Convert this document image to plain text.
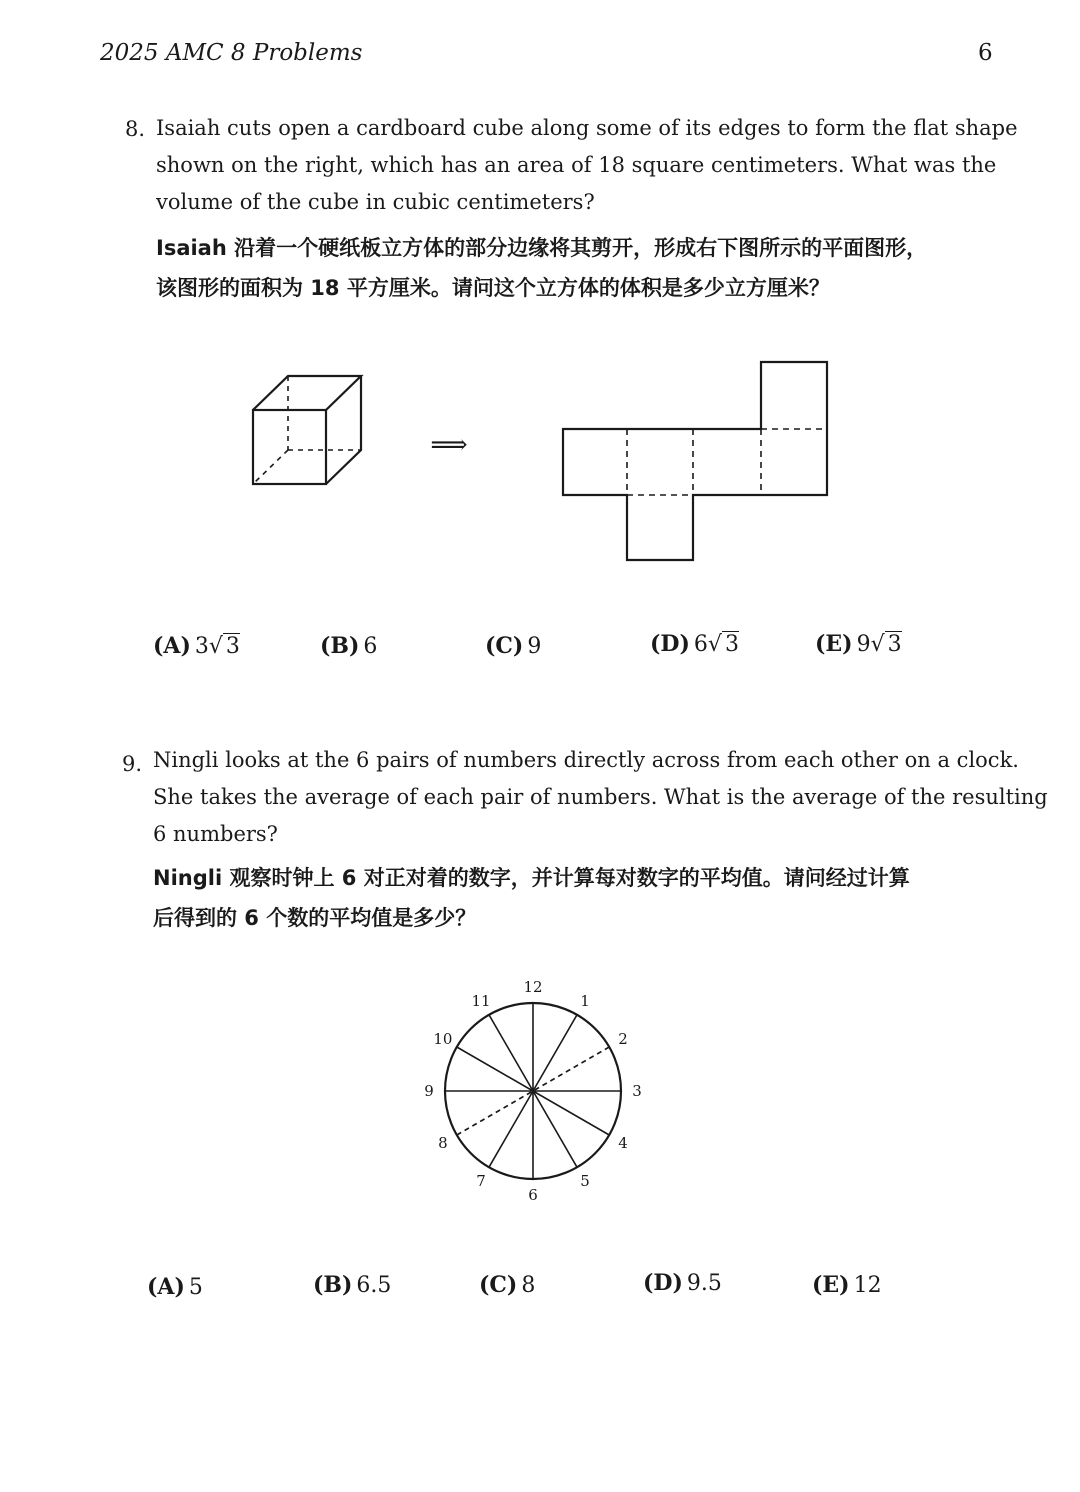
2025 AMC 8 Problems	6
8. Isaiah cuts open a cardboard cube along some of its edges to form the flat shape
shown on the right, which has an area of 18 square centimeters. What was the
volume of the cube in cubic centimeters?
Isaiah 沿着一个硬纸板立方体的部分边缘将其剪开，形成右下图所示的平面图形，
该图形的面积为 18 平方厘米。请问这个立方体的体积是多少立方厘米？
⟹
(A) 3√ 3	(B) 6	(C) 9	(D) 6√ 3	(E) 9√ 3
9. Ningli looks at the 6 pairs of numbers directly across from each other on a clock.
She takes the average of each pair of numbers. What is the average of the resulting
6 numbers?
Ningli 观察时钟上 6 对正对着的数字，并计算每对数字的平均值。请问经过计算
后得到的 6 个数的平均值是多少？
12
1
2
3
4
5
6
7
8
9
10
11
(A) 5	(B) 6.5	(C) 8	(D) 9.5	(E) 12
